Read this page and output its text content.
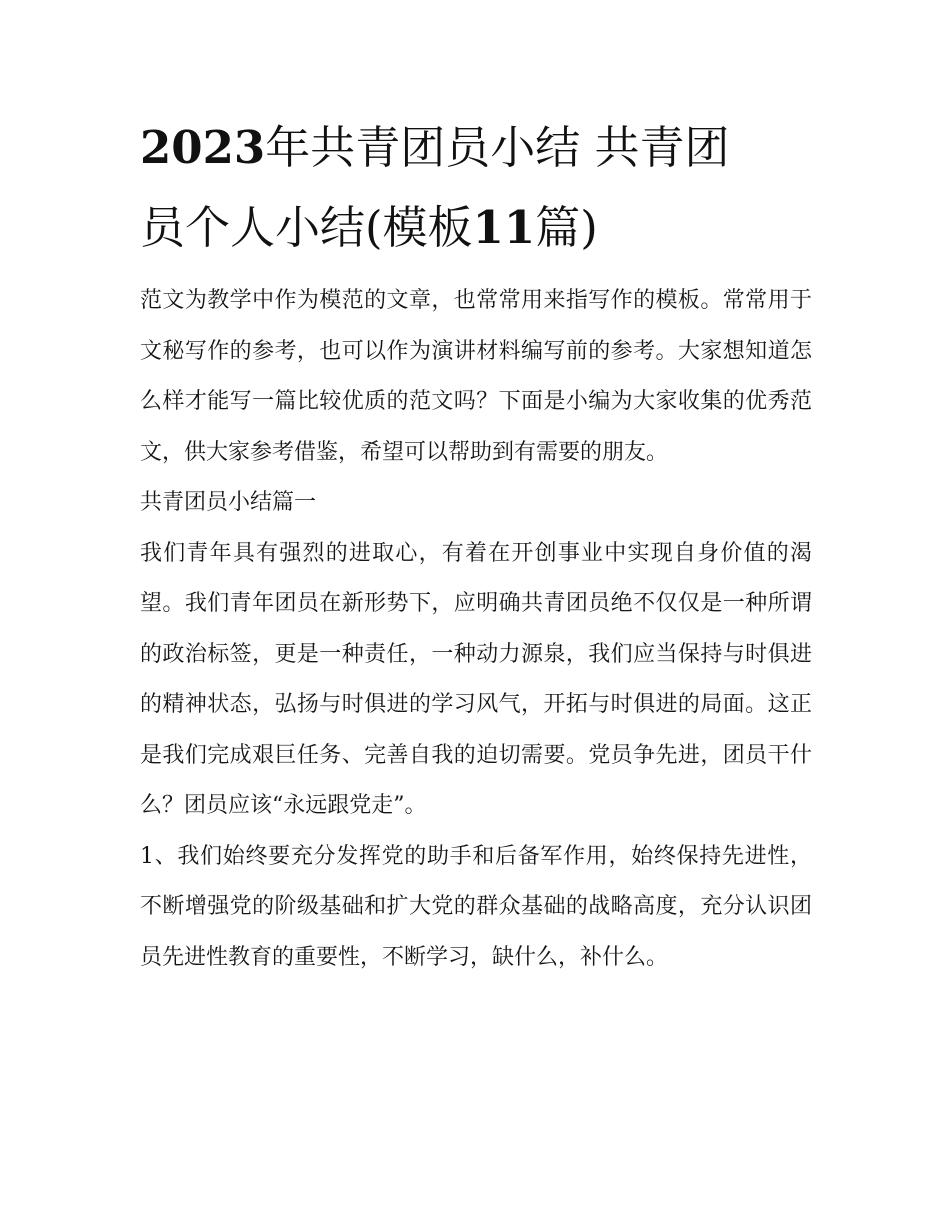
2023年共青团员小结 共青团
员个人小结(模板11篇)

范文为教学中作为模范的文章，也常常用来指写作的模板。常常用于文秘写作的参考，也可以作为演讲材料编写前的参考。大家想知道怎么样才能写一篇比较优质的范文吗？下面是小编为大家收集的优秀范文，供大家参考借鉴，希望可以帮助到有需要的朋友。

共青团员小结篇一

我们青年具有强烈的进取心，有着在开创事业中实现自身价值的渴望。我们青年团员在新形势下，应明确共青团员绝不仅仅是一种所谓的政治标签，更是一种责任，一种动力源泉，我们应当保持与时俱进的精神状态，弘扬与时俱进的学习风气，开拓与时俱进的局面。这正是我们完成艰巨任务、完善自我的迫切需要。党员争先进，团员干什么？团员应该“永远跟党走”。

1、我们始终要充分发挥党的助手和后备军作用，始终保持先进性，不断增强党的阶级基础和扩大党的群众基础的战略高度，充分认识团员先进性教育的重要性，不断学习，缺什么，补什么。
